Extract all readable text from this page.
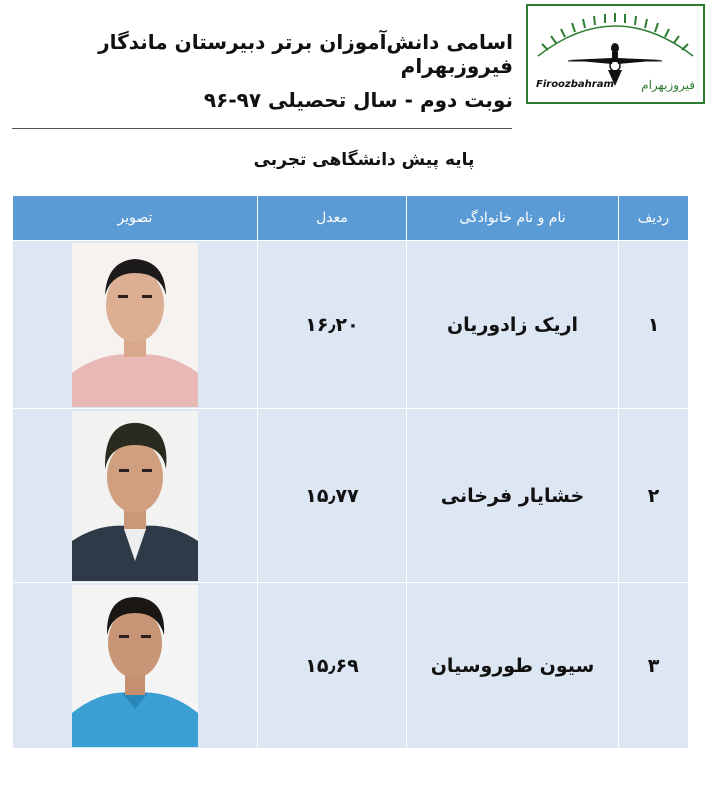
اسامی دانش‌آموزان برتر دبیرستان ماندگار فیروزبهرام
نوبت دوم - سال تحصیلی ۹۷-۹۶
Firoozbahram فیروزبهرام
پایه پیش دانشگاهی تجربی
ردیف	نام و نام خانوادگی	معدل	تصویر
۱	اریک زادوریان	۱۶٫۲۰	

۲	خشایار فرخانی	۱۵٫۷۷	

۳	سیون طوروسیان	۱۵٫۶۹	
